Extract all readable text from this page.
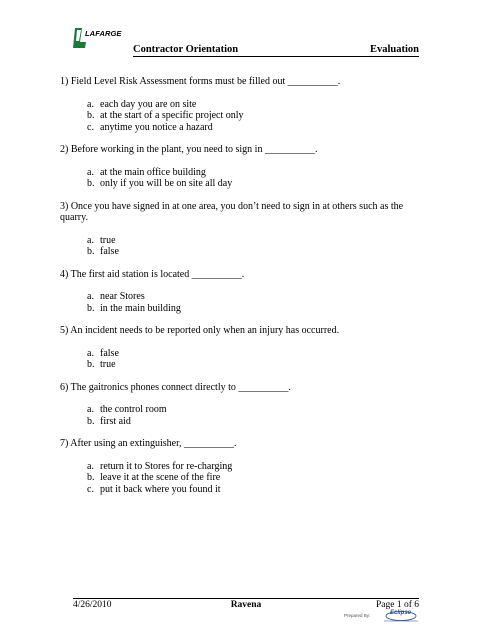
LAFARGE
Contractor Orientation	Evaluation
1) Field Level Risk Assessment forms must be filled out __________.
a. each day you are on site
b. at the start of a specific project only
c. anytime you notice a hazard
2) Before working in the plant, you need to sign in __________.
a. at the main office building
b. only if you will be on site all day
3) Once you have signed in at one area, you don’t need to sign in at others such as the quarry.
a. true
b. false
4) The first aid station is located __________.
a. near Stores
b. in the main building
5) An incident needs to be reported only when an injury has occurred.
a. false
b. true
6) The gaitronics phones connect directly to __________.
a. the control room
b. first aid
7) After using an extinguisher, __________.
a. return it to Stores for re-charging
b. leave it at the scene of the fire
c. put it back where you found it
4/26/2010	Ravena	Page 1 of 6
Prepared By:	Eclipse
